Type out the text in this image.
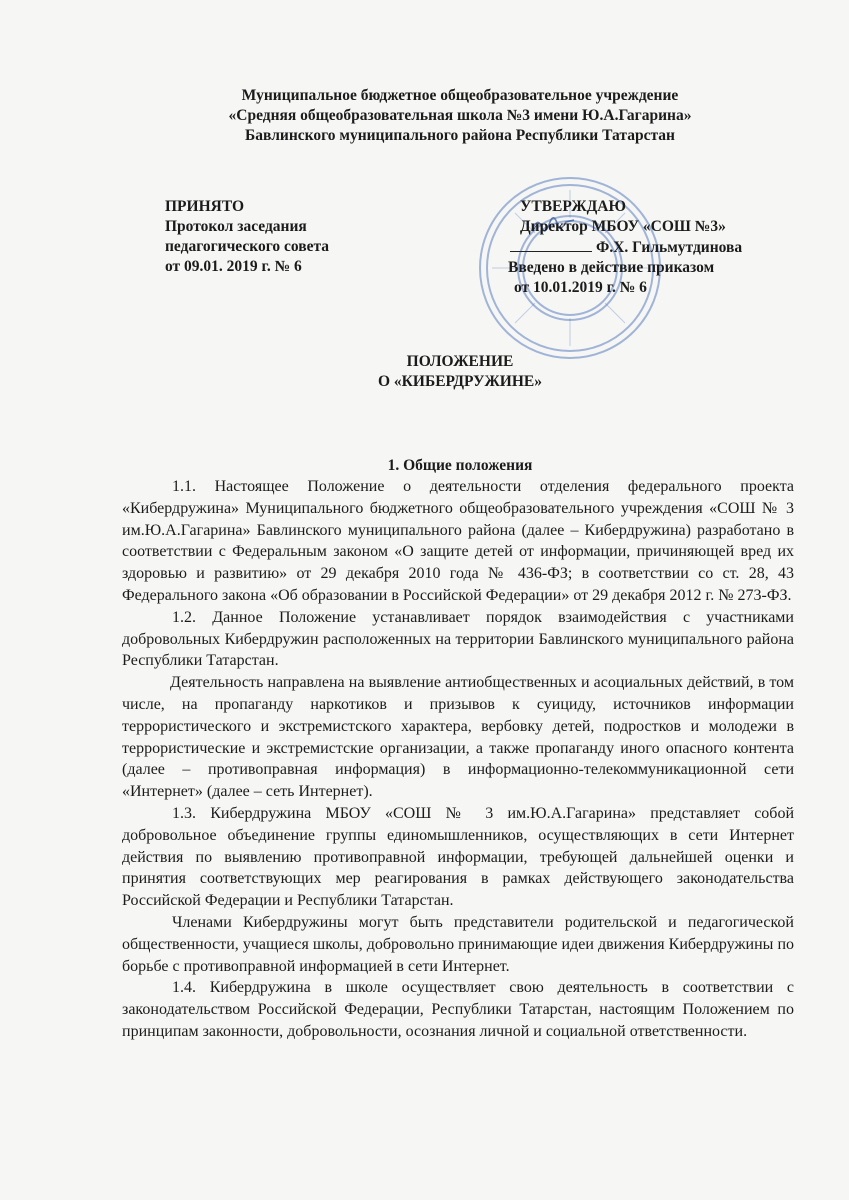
Муниципальное бюджетное общеобразовательное учреждение
«Средняя общеобразовательная школа №3 имени Ю.А.Гагарина»
Бавлинского муниципального района Республики Татарстан
ПРИНЯТО
Протокол заседания
педагогического совета
от 09.01. 2019 г. № 6
УТВЕРЖДАЮ
Директор МБОУ «СОШ №3»
Ф.Х. Гильмутдинова
Введено в действие приказом
от 10.01.2019 г. № 6
ПОЛОЖЕНИЕ
О «КИБЕРДРУЖИНЕ»
1. Общие положения

1.1. Настоящее Положение о деятельности отделения федерального проекта «Кибердружина» Муниципального бюджетного общеобразовательного учреждения «СОШ № 3 им.Ю.А.Гагарина» Бавлинского муниципального района (далее – Кибердружина) разработано в соответствии с Федеральным законом «О защите детей от информации, причиняющей вред их здоровью и развитию» от 29 декабря 2010 года № 436-ФЗ; в соответствии со ст. 28, 43 Федерального закона «Об образовании в Российской Федерации» от 29 декабря 2012 г. № 273-ФЗ.

1.2. Данное Положение устанавливает порядок взаимодействия с участниками добровольных Кибердружин расположенных на территории Бавлинского муниципального района Республики Татарстан.

Деятельность направлена на выявление антиобщественных и асоциальных действий, в том числе, на пропаганду наркотиков и призывов к суициду, источников информации террористического и экстремистского характера, вербовку детей, подростков и молодежи в террористические и экстремистские организации, а также пропаганду иного опасного контента (далее – противоправная информация) в информационно-телекоммуникационной сети «Интернет» (далее – сеть Интернет).

1.3. Кибердружина МБОУ «СОШ № 3 им.Ю.А.Гагарина» представляет собой добровольное объединение группы единомышленников, осуществляющих в сети Интернет действия по выявлению противоправной информации, требующей дальнейшей оценки и принятия соответствующих мер реагирования в рамках действующего законодательства Российской Федерации и Республики Татарстан.

Членами Кибердружины могут быть представители родительской и педагогической общественности, учащиеся школы, добровольно принимающие идеи движения Кибердружины по борьбе с противоправной информацией в сети Интернет.

1.4. Кибердружина в школе осуществляет свою деятельность в соответствии с законодательством Российской Федерации, Республики Татарстан, настоящим Положением по принципам законности, добровольности, осознания личной и социальной ответственности.
